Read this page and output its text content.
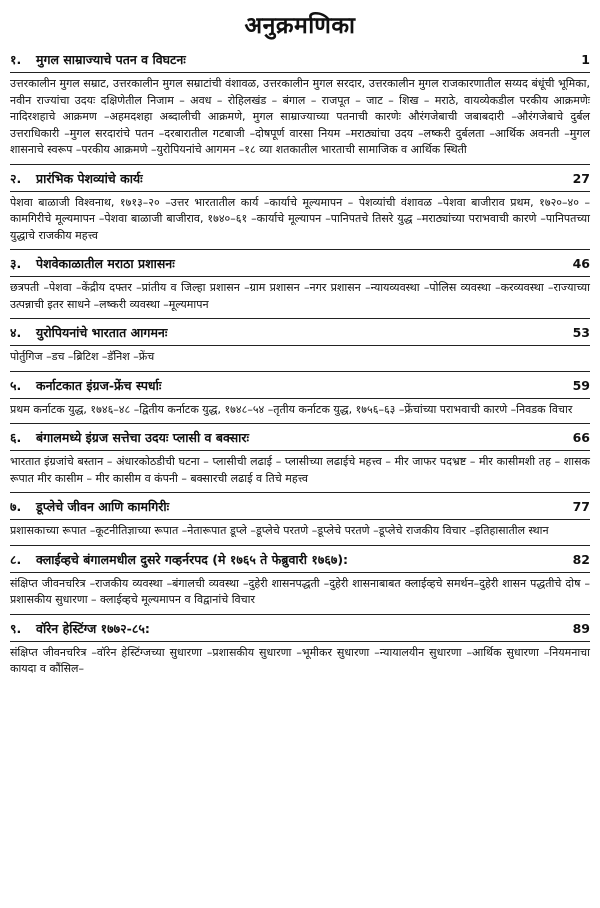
अनुक्रमणिका
१.	मुगल साम्राज्याचे पतन व विघटनः	1
उत्तरकालीन मुगल सम्राट, उत्तरकालीन मुगल सम्राटांची वंशावळ, उत्तरकालीन मुगल सरदार, उत्तरकालीन मुगल राजकारणातील सय्यद बंधूंची भूमिका, नवीन राज्यांचा उदयः दक्षिणेतील निजाम – अवध – रोहिलखंड – बंगाल – राजपूत – जाट – शिख – मराठे, वायव्येकडील परकीय आक्रमणेः नादिरशहाचे आक्रमण –अहमदशहा अब्दालीची आक्रमणे, मुगल साम्राज्याच्या पतनाची कारणेः औरंगजेबाची जबाबदारी –औरंगजेबाचे दुर्बल उत्तराधिकारी –मुगल सरदारांचे पतन –दरबारातील गटबाजी –दोषपूर्ण वारसा नियम –मराठ्यांचा उदय –लष्करी दुर्बलता –आर्थिक अवनती –मुगल शासनाचे स्वरूप –परकीय आक्रमणे –युरोपियनांचे आगमन –१८ व्या शतकातील भारताची सामाजिक व आर्थिक स्थिती
२.	प्रारंभिक पेशव्यांचे कार्यः	27
पेशवा बाळाजी विश्वनाथ, १७१३–२० –उत्तर भारतातील कार्य –कार्याचे मूल्यमापन – पेशव्यांची वंशावळ –पेशवा बाजीराव प्रथम, १७२०–४० –कामगिरीचे मूल्यमापन –पेशवा बाळाजी बाजीराव, १७४०–६१ –कार्याचे मूल्यापन –पानिपतचे तिसरे युद्ध –मराठ्यांच्या पराभवाची कारणे –पानिपतच्या युद्धाचे राजकीय महत्त्व
३.	पेशवेकाळातील मराठा प्रशासनः	46
छत्रपती –पेशवा –केंद्रीय दफ्तर –प्रांतीय व जिल्हा प्रशासन –ग्राम प्रशासन –नगर प्रशासन –न्यायव्यवस्था –पोलिस व्यवस्था –करव्यवस्था –राज्याच्या उत्पन्नाची इतर साधने –लष्करी व्यवस्था –मूल्यमापन
४.	युरोपियनांचे भारतात आगमनः	53
पोर्तुगिज –डच –ब्रिटिश –डॅनिश –फ्रेंच
५.	कर्नाटकात इंग्रज-फ्रेंच स्पर्धाः	59
प्रथम कर्नाटक युद्ध, १७४६–४८ –द्वितीय कर्नाटक युद्ध, १७४८–५४ –तृतीय कर्नाटक युद्ध, १७५६–६३ –फ्रेंचांच्या पराभवाची कारणे –निवडक विचार
६.	बंगालमध्ये इंग्रज सत्तेचा उदयः प्लासी व बक्सारः	66
भारतात इंग्रजांचे बस्तान – अंधारकोठडीची घटना – प्लासीची लढाई – प्लासीच्या लढाईचे महत्त्व – मीर जाफर पदभ्रष्ट – मीर कासीमशी तह – शासक रूपात मीर कासीम – मीर कासीम व कंपनी – बक्सारची लढाई व तिचे महत्त्व
७.	डूप्लेचे जीवन आणि कामगिरीः	77
प्रशासकाच्या रूपात –कूटनीतिज्ञाच्या रूपात –नेतारूपात डूप्ले –डूप्लेचे परतणे –डूप्लेचे परतणे –डूप्लेचे राजकीय विचार –इतिहासातील स्थान
८.	क्लाईव्हचे बंगालमधील दुसरे गव्हर्नरपद (मे १७६५ ते फेब्रुवारी १७६७):	82
संक्षिप्त जीवनचरित्र –राजकीय व्यवस्था –बंगालची व्यवस्था –दुहेरी शासनपद्धती –दुहेरी शासनाबाबत क्लाईव्हचे समर्थन–दुहेरी शासन पद्धतीचे दोष –प्रशासकीय सुधारणा – क्लाईव्हचे मूल्यमापन व विद्वानांचे विचार
९.	वॉरेन हेस्टिंग्ज १७७२-८५:	89
संक्षिप्त जीवनचरित्र –वॉरेन हेस्टिंग्जच्या सुधारणा –प्रशासकीय सुधारणा –भूमीकर सुधारणा –न्यायालयीन सुधारणा –आर्थिक सुधारणा –नियमनाचा कायदा व कौंसिल–
